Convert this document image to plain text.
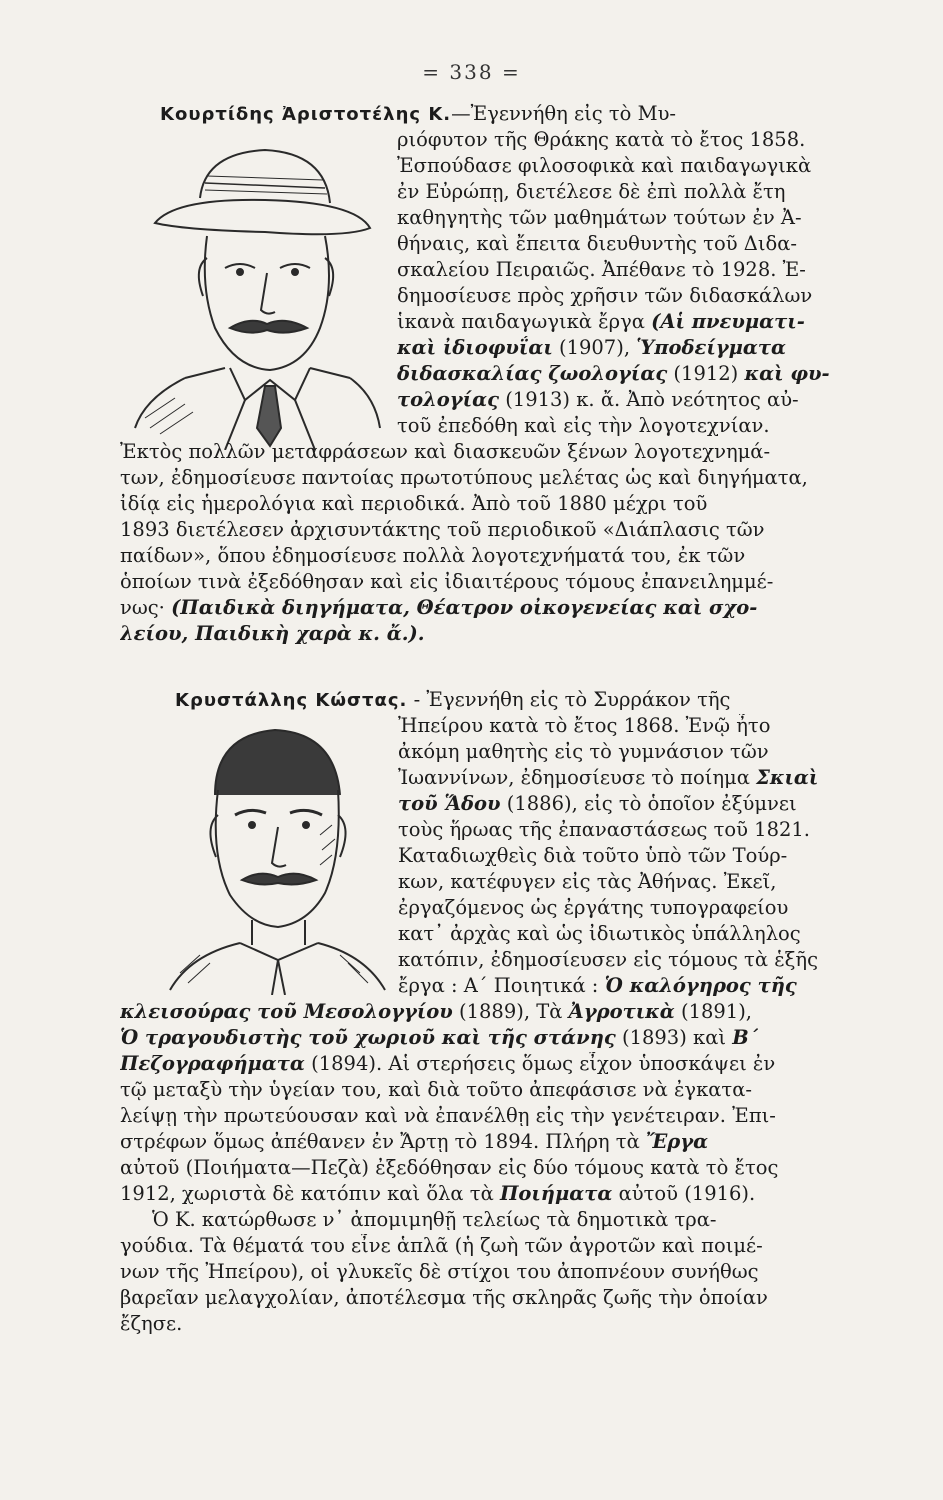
= 338 =
Κουρτίδης Ἀριστοτέλης Κ.—Ἐγεννήθη εἰς τὸ Μυ-
ριόφυτον τῆς Θράκης κατὰ τὸ ἔτος 1858.
Ἐσπούδασε φιλοσοφικὰ καὶ παιδαγωγικὰ
ἐν Εὐρώπῃ, διετέλεσε δὲ ἐπὶ πολλὰ ἔτη
καθηγητὴς τῶν μαθημάτων τούτων ἐν Ἀ-
θήναις, καὶ ἔπειτα διευθυντὴς τοῦ Διδα-
σκαλείου Πειραιῶς. Ἀπέθανε τὸ 1928. Ἐ-
δημοσίευσε πρὸς χρῆσιν τῶν διδασκάλων
ἱκανὰ παιδαγωγικὰ ἔργα (Αἱ πνευματι-
καὶ ἰδιοφυΐαι (1907), Ὑποδείγματα
διδασκαλίας ζωολογίας (1912) καὶ φυ-
τολογίας (1913) κ. ἄ. Ἀπὸ νεότητος αὐ-
τοῦ ἐπεδόθη καὶ εἰς τὴν λογοτεχνίαν.
Ἐκτὸς πολλῶν μεταφράσεων καὶ διασκευῶν ξένων λογοτεχνημά-
των, ἐδημοσίευσε παντοίας πρωτοτύπους μελέτας ὡς καὶ διηγήματα,
ἰδίᾳ εἰς ἡμερολόγια καὶ περιοδικά. Ἀπὸ τοῦ 1880 μέχρι τοῦ
1893 διετέλεσεν ἀρχισυντάκτης τοῦ περιοδικοῦ «Διάπλασις τῶν
παίδων», ὅπου ἐδημοσίευσε πολλὰ λογοτεχνήματά του, ἐκ τῶν
ὁποίων τινὰ ἐξεδόθησαν καὶ εἰς ἰδιαιτέρους τόμους ἐπανειλημμέ-
νως· (Παιδικὰ διηγήματα, Θέατρον οἰκογενείας καὶ σχο-
λείου, Παιδικὴ χαρὰ κ. ἄ.).
Κρυστάλλης Κώστας. - Ἐγεννήθη εἰς τὸ Συρράκον τῆς
Ἠπείρου κατὰ τὸ ἔτος 1868. Ἐνῷ ἦτο
ἀκόμη μαθητὴς εἰς τὸ γυμνάσιον τῶν
Ἰωαννίνων, ἐδημοσίευσε τὸ ποίημα Σκιαὶ
τοῦ Ἅδου (1886), εἰς τὸ ὁποῖον ἐξύμνει
τοὺς ἥρωας τῆς ἐπαναστάσεως τοῦ 1821.
Καταδιωχθεὶς διὰ τοῦτο ὑπὸ τῶν Τούρ-
κων, κατέφυγεν εἰς τὰς Ἀθήνας. Ἐκεῖ,
ἐργαζόμενος ὡς ἐργάτης τυπογραφείου
κατ᾽ ἀρχὰς καὶ ὡς ἰδιωτικὸς ὑπάλληλος
κατόπιν, ἐδημοσίευσεν εἰς τόμους τὰ ἑξῆς
ἔργα : Α´ Ποιητικά : Ὁ καλόγηρος τῆς
κλεισούρας τοῦ Μεσολογγίου (1889), Τὰ Ἀγροτικὰ (1891),
Ὁ τραγουδιστὴς τοῦ χωριοῦ καὶ τῆς στάνης (1893) καὶ Β´
Πεζογραφήματα (1894). Αἱ στερήσεις ὅμως εἶχον ὑποσκάψει ἐν
τῷ μεταξὺ τὴν ὑγείαν του, καὶ διὰ τοῦτο ἀπεφάσισε νὰ ἐγκατα-
λείψῃ τὴν πρωτεύουσαν καὶ νὰ ἐπανέλθῃ εἰς τὴν γενέτειραν. Ἐπι-
στρέφων ὅμως ἀπέθανεν ἐν Ἄρτῃ τὸ 1894. Πλήρη τὰ Ἔργα
αὐτοῦ (Ποιήματα—Πεζὰ) ἐξεδόθησαν εἰς δύο τόμους κατὰ τὸ ἔτος
1912, χωριστὰ δὲ κατόπιν καὶ ὅλα τὰ Ποιήματα αὐτοῦ (1916).
Ὁ Κ. κατώρθωσε ν᾽ ἀπομιμηθῇ τελείως τὰ δημοτικὰ τρα-
γούδια. Τὰ θέματά του εἶνε ἁπλᾶ (ἡ ζωὴ τῶν ἀγροτῶν καὶ ποιμέ-
νων τῆς Ἠπείρου), οἱ γλυκεῖς δὲ στίχοι του ἀποπνέουν συνήθως
βαρεῖαν μελαγχολίαν, ἀποτέλεσμα τῆς σκληρᾶς ζωῆς τὴν ὁποίαν
ἔζησε.
